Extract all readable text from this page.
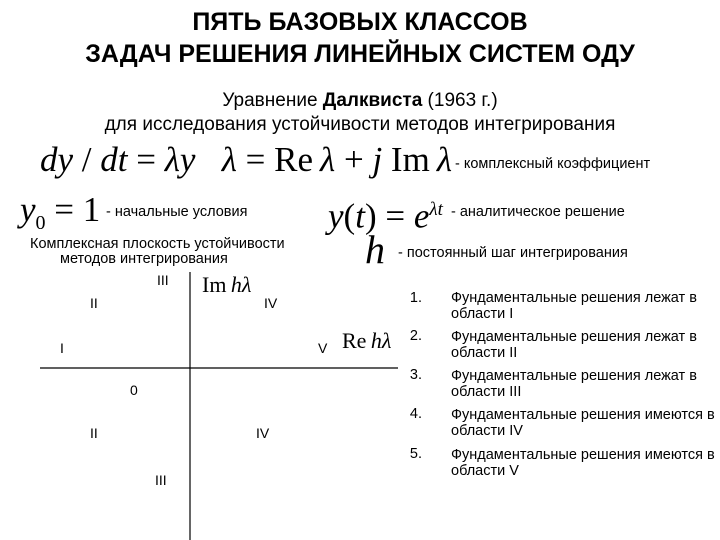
ПЯТЬ БАЗОВЫХ КЛАССОВ
ЗАДАЧ РЕШЕНИЯ ЛИНЕЙНЫХ СИСТЕМ ОДУ
Уравнение Далквиста (1963 г.)
для исследования устойчивости методов интегрирования
dy / dt = λy λ = Re λ + j Im λ - комплексный коэффициент
$y_0 = 1$ - начальные условия $y(t) = e^{\lambda t}$ - аналитическое решение
Комплексная плоскость устойчивости
методов интегрирования	h - постоянный шаг интегрирования
Im hλ
Re hλ
III
II	IV
I	V
0
II	IV
III
1. Фундаментальные решения лежат в области I
2. Фундаментальные решения лежат в области II
3. Фундаментальные решения лежат в области III
4. Фундаментальные решения имеются в области IV
5. Фундаментальные решения имеются в области V
